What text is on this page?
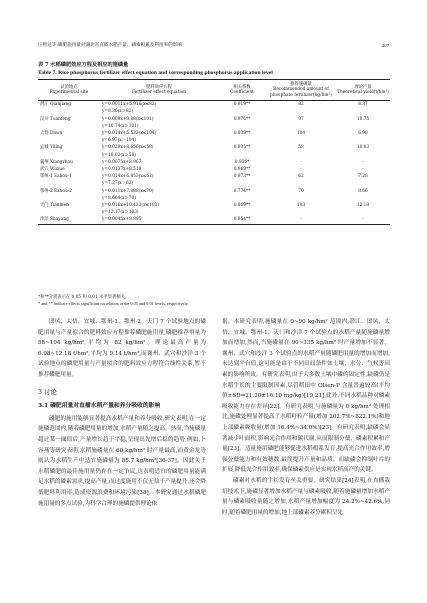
汪智达等:磷肥施用量对湖北省直播水稻产量、磷素积累及利用率的影响	407
表 7 水稻磷肥效应方程及相应的施磷量
Table 7. Rice phosphorus fertilizer effect equation and corresponding phosphorus application level
试验地点
Experimental site	肥料效应方程
Fertilizer effect equation	相关系数
Coefficient	推荐施磷量
Recommended amount of phosphate fertilizer(kg/hm²)	理论产量
Theoretical yield(t/hm²)

潜江 Qianjiang	y=0.0011x+5.916(x≤82)
y=8.36(x＞82)	0.919**	82	8.37
汉川 Tuanfeng	y=0.009x+9.88(x≤101)
y=10.74(x＞101)	0.976**	97	10.75
大悟 Dawu	y=0.014x+5.533(x≤104)
y=6.97(x＞104)	0.939**	104	6.98
宜城 Yiling	y=0.029x+8.656(x≤58)
y=10.02(x＞58)	0.935**	58	10.03
襄州 Xiangzhou	y=0.0075x+8.967	0.936*	-	-
武穴 Wuxue	y=0.0137x+8.519	0.969**	-	-
鄂州-1 Ezhou-1	y=0.014x+6.453(x≤62)
y=7.27(x＞62)	0.973**	62	7.28
鄂州-2 Ezhou-2	y=0.011x+7.888(x≤70)
y=8.664(x＞70)	0.774**	70	8.66
天门 Tianmen	y=0.016x+10.433(x≤103)
y=12.17(x＞103)	0.969**	103	12.18
沙洋 Shayang	y=0.0045x+8.895	0.954**	-	-
*和**分别表示在 0.05 和 0.01 水平显著相关。
* and ** indicate effects significant correlation at the 0.05 and 0.01 levels, respectively.

团风、大悟、宜城、鄂州-1、鄂州-2、天门 7 个试验地点的磷肥用量与产量拟合的肥料效应方程推荐磷肥施用量,磷肥推荐用量为 58~104 kg/hm²,平均为 82 kg/hm²。理论最高产量为 6.98~12.18 t/hm²,平均为 9.14 t/hm²,而襄州、武穴和沙洋 3 个试验地点的磷肥用量与产量拟合的肥料效应方程符合线性关系,暂不推荐磷肥用量。

3 讨论
3.1 磷肥用量对直播水稻产量和养分吸收的影响

磷肥的施用能够显著提高水稻产量和养分吸收,研究表明,在一定施磷范围内,随着磷肥用量的增加,水稻产量随之提高。然而,当施磷量超过某一阈值后,产量增长趋于平稳,呈现出先增后稳的趋势,例如,卜容燕等研究表明,水稻施磷量在 60 kg/hm² 时产量最高,而黄金龙等则认为水稻生产中适宜施磷量为 85.7 kg/hm²[36-37]。因此关于水稻磷肥的最佳施用量仍存在一定争议,这表明适宜的磷肥用量能满足水稻的磷素需求,提高产量,而过度施用不仅无益于产量提升,还会降低肥料利用率,造成资源浪费和环境污染[38]。本研究通过水稻磷肥施用量的多点试验,为科学合理的施磷提供理论依

据。本研究表明,施磷量在 0~90 kg/hm² 范围内,潜江、团风、大悟、宜城、鄂州-1、天门和沙洋 7 个试验点的水稻产量随施磷量增加而增加,然而,当施磷量在 90~135 kg/hm² 时产量增加不显著。襄州、武穴和沙洋 3 个试验点的水稻产量随磷肥用量的增加而增加,未达到平台值,这可能是由于不同田间条件如土壤、水分、气候等因素的影响所致。有研究表明,由于大多数土壤中磷的固定性,缺磷仍是水稻生长的主要限制因素,尽管稻田中 Olsen-P 含量普遍较高(平均值±SD=21.20±16.10 mg/kg)[19,21],此外,不同水稻品种对磷素吸收能力存在差异[22]。有研究表明,与施磷量为 0 kg/hm² 处理相比,施磷处理显著提高了水稻籽粒产量(增加 202.7%~822.1%)和地上部磷素吸收量(增加 16.4%~34.0%)[23]。有研究表明,缺磷会显著减少叶面积,影响光合作用和碳代谢,从而限制分蘖、磷素积累和产量[23]。适量施用磷肥能够促进水稻根系发育,提高光合作用效率,增强分蘖能力和有效穗数,最终提升产量和品质。而缺磷会抑制叶片的扩展,降低光合作用效率,确保磷素供应是实现水稻高产的关键。

磷素对水稻的生长发育至关重要。研究结果[24]表明,在直播栽培技术下,施磷显著增加水稻产量与磷素吸收,随着施磷量增加水稻产量与磷素吸收量随之增加,水稻产量增加幅度为 24.2%~42.6%,同时,随着磷肥用量的增加,地上部磷素养分累积呈先
